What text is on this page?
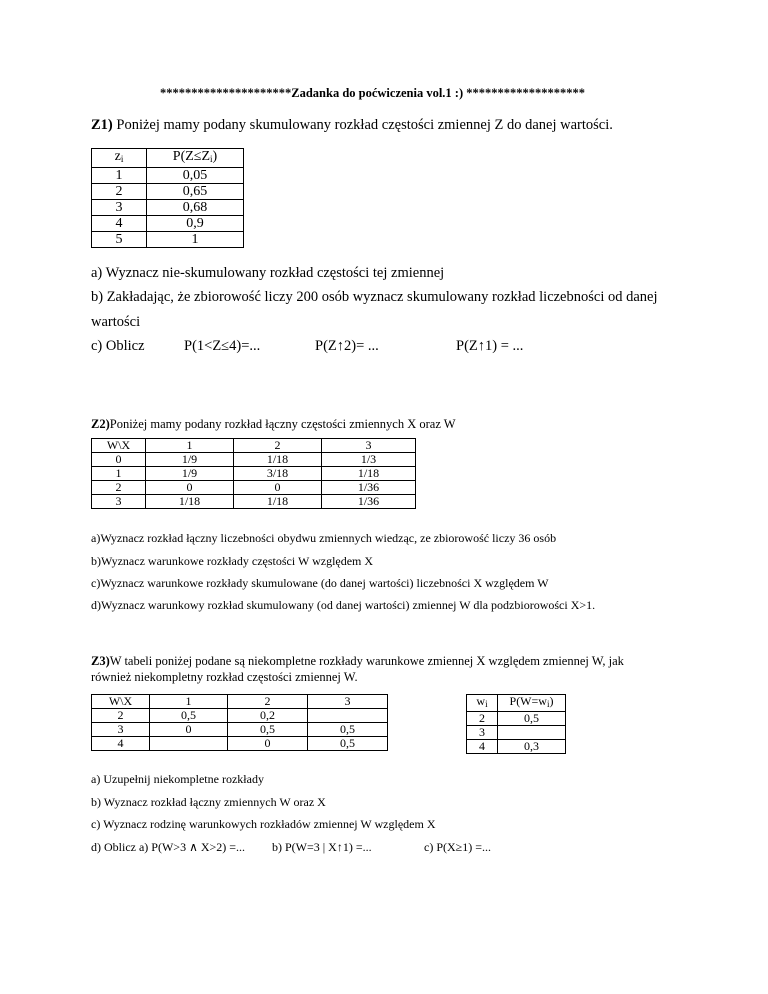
*********************Zadanka do poćwiczenia vol.1 :) *******************
Z1) Poniżej mamy podany skumulowany rozkład częstości zmiennej Z do danej wartości.
$z_i$	$P(Z\le Z_i)$
1	0,05
2	0,65
3	0,68
4	0,9
5	1
a) Wyznacz nie-skumulowany rozkład częstości tej zmiennej
b) Zakładając, że zbiorowość liczy 200 osób wyznacz skumulowany rozkład liczebności od danej
wartości
c) Oblicz	P(1<Z≤4)=...	P(Z↑2)= ...	P(Z↑1) = ...
Z2)Poniżej mamy podany rozkład łączny częstości zmiennych X oraz W
W\X	1	2	3
0	1/9	1/18	1/3
1	1/9	3/18	1/18
2	0	0	1/36
3	1/18	1/18	1/36
a)Wyznacz rozkład łączny liczebności obydwu zmiennych wiedząc, ze zbiorowość liczy 36 osób
b)Wyznacz warunkowe rozkłady częstości W względem X
c)Wyznacz warunkowe rozkłady skumulowane (do danej wartości) liczebności X względem W
d)Wyznacz warunkowy rozkład skumulowany (od danej wartości) zmiennej W dla podzbiorowości X>1.
Z3)W tabeli poniżej podane są niekompletne rozkłady warunkowe zmiennej X względem zmiennej W, jak
również niekompletny rozkład częstości zmiennej W.
W\X	1	2	3
2	0,5	0,2	
3	0	0,5	0,5
4		0	0,5
$w_i$	$P(W=w_i)$
2	0,5
3	
4	0,3
a) Uzupełnij niekompletne rozkłady
b) Wyznacz rozkład łączny zmiennych W oraz X
c) Wyznacz rodzinę warunkowych rozkładów zmiennej W względem X
d) Oblicz a) P(W>3 ∧ X>2) =... b) P(W=3 | X↑1) =...	c) P(X≥1) =...
